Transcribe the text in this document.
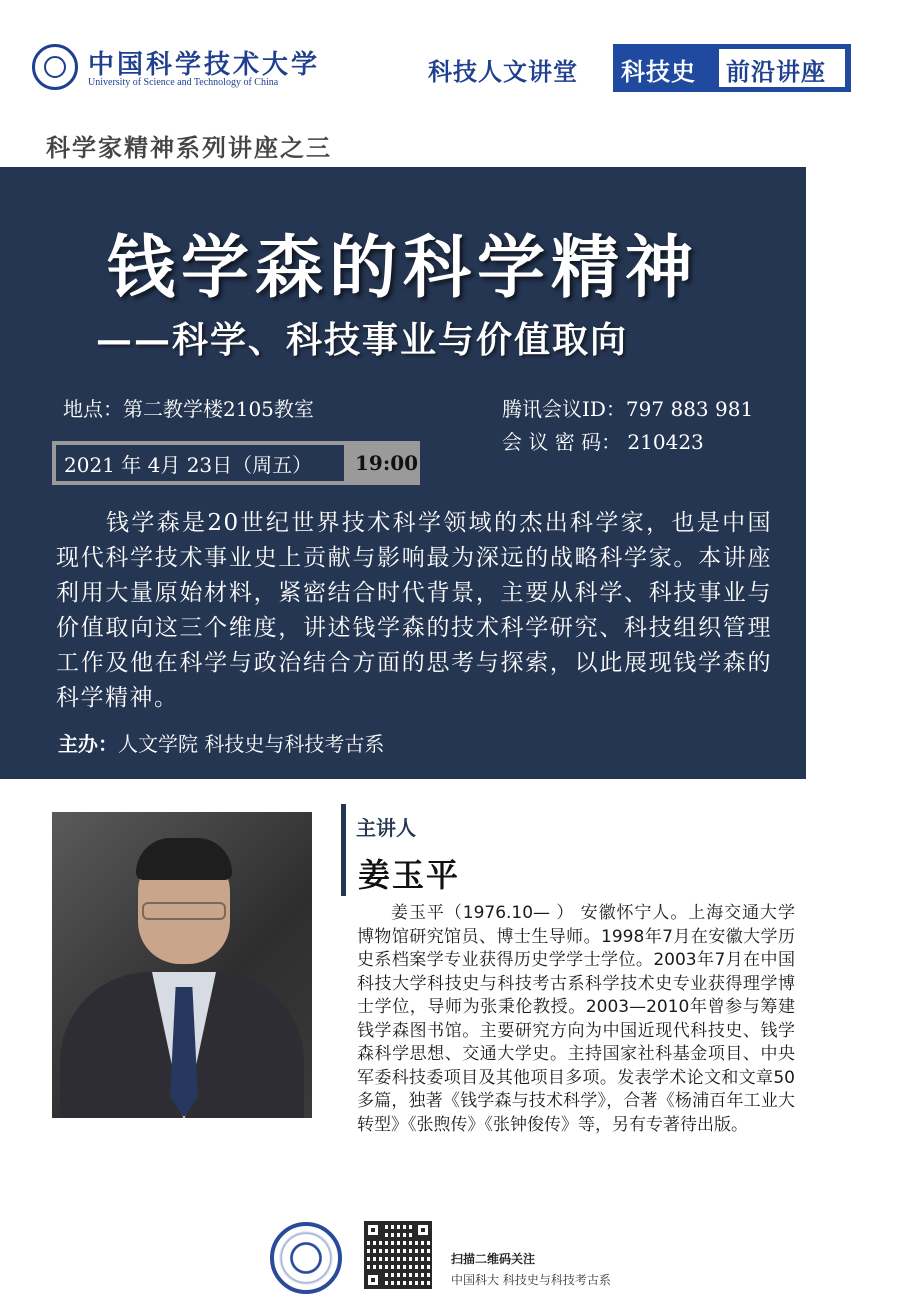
中国科学技术大学
University of Science and Technology of China	科技人文讲堂 科技史 前沿讲座
科学家精神系列讲座之三
钱学森的科学精神
——科学、科技事业与价值取向
地点：第二教学楼2105教室	腾讯会议ID：797 883 981
会 议 密 码： 210423
2021 年 4月 23日（周五） 19:00
钱学森是20世纪世界技术科学领域的杰出科学家，也是中国现代科学技术事业史上贡献与影响最为深远的战略科学家。本讲座利用大量原始材料，紧密结合时代背景，主要从科学、科技事业与价值取向这三个维度，讲述钱学森的技术科学研究、科技组织管理工作及他在科学与政治结合方面的思考与探索，以此展现钱学森的科学精神。
主办：人文学院 科技史与科技考古系
主讲人
姜玉平
姜玉平（1976.10— ） 安徽怀宁人。上海交通大学博物馆研究馆员、博士生导师。1998年7月在安徽大学历史系档案学专业获得历史学学士学位。2003年7月在中国科技大学科技史与科技考古系科学技术史专业获得理学博士学位，导师为张秉伦教授。2003—2010年曾参与筹建钱学森图书馆。主要研究方向为中国近现代科技史、钱学森科学思想、交通大学史。主持国家社科基金项目、中央军委科技委项目及其他项目多项。发表学术论文和文章50多篇，独著《钱学森与技术科学》，合著《杨浦百年工业大转型》《张煦传》《张钟俊传》等，另有专著待出版。
扫描二维码关注
中国科大 科技史与科技考古系
